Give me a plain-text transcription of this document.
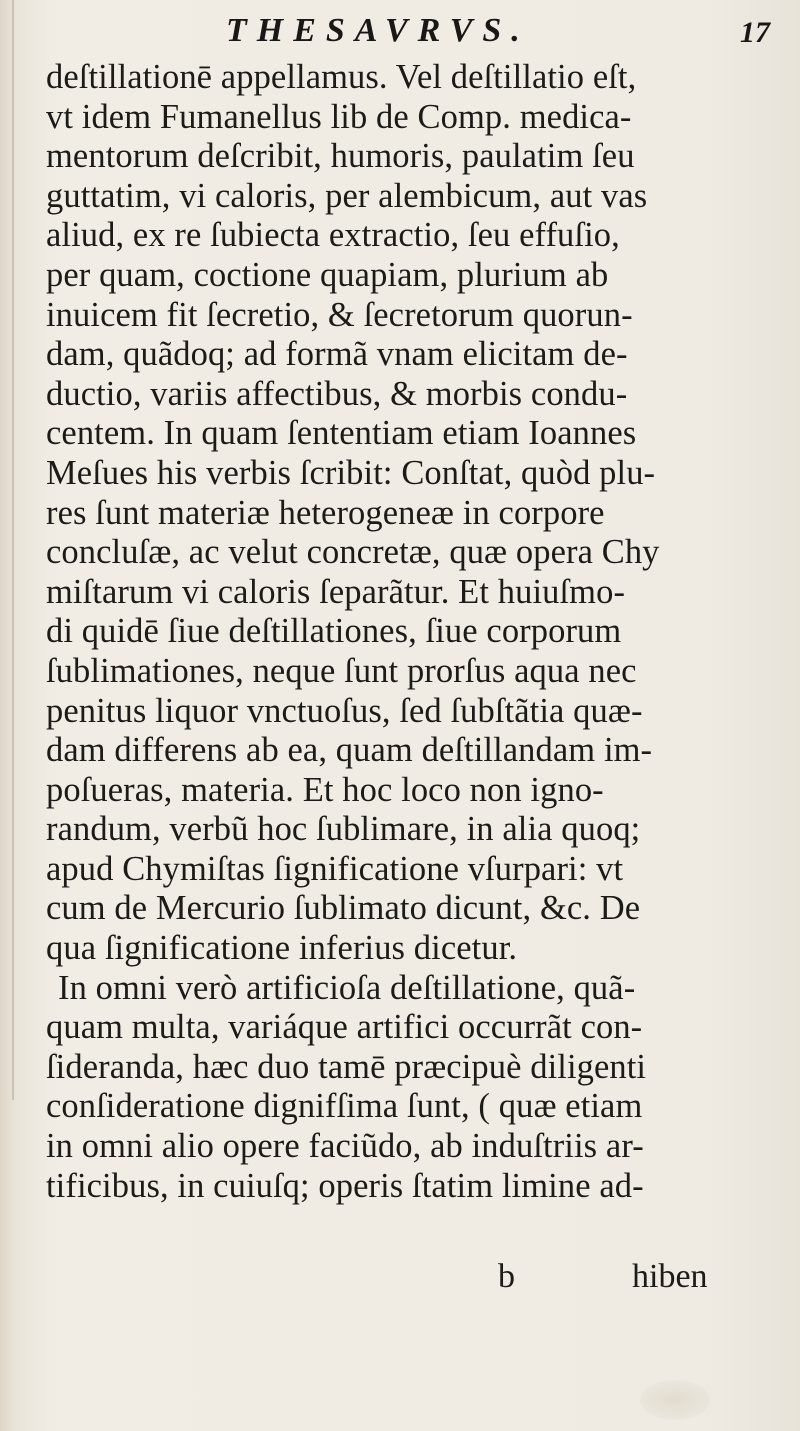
THESAVRVS.	17
deſtillationē appellamus. Vel deſtillatio eſt,
vt idem Fumanellus lib de Comp. medica-
mentorum deſcribit, humoris, paulatim ſeu
guttatim, vi caloris, per alembicum, aut vas
aliud, ex re ſubiecta extractio, ſeu effuſio,
per quam, coctione quapiam, plurium ab
inuicem fit ſecretio, & ſecretorum quorun-
dam, quãdoq; ad formã vnam elicitam de-
ductio, variis affectibus, & morbis condu-
centem. In quam ſententiam etiam Ioannes
Meſues his verbis ſcribit: Conſtat, quòd plu-
res ſunt materiæ heterogeneæ in corpore
concluſæ, ac velut concretæ, quæ opera Chy
miſtarum vi caloris ſeparãtur. Et huiuſmo-
di quidē ſiue deſtillationes, ſiue corporum
ſublimationes, neque ſunt prorſus aqua nec
penitus liquor vnctuoſus, ſed ſubſtãtia quæ-
dam differens ab ea, quam deſtillandam im-
poſueras, materia. Et hoc loco non igno-
randum, verbũ hoc ſublimare, in alia quoq;
apud Chymiſtas ſignificatione vſurpari: vt
cum de Mercurio ſublimato dicunt, &c. De
qua ſignificatione inferius dicetur.
In omni verò artificioſa deſtillatione, quã-
quam multa, variáque artifici occurrãt con-
ſideranda, hæc duo tamē præcipuè diligenti
conſideratione dignifſima ſunt, ( quæ etiam
in omni alio opere faciũdo, ab induſtriis ar-
tificibus, in cuiuſq; operis ſtatim limine ad-
b	hiben
